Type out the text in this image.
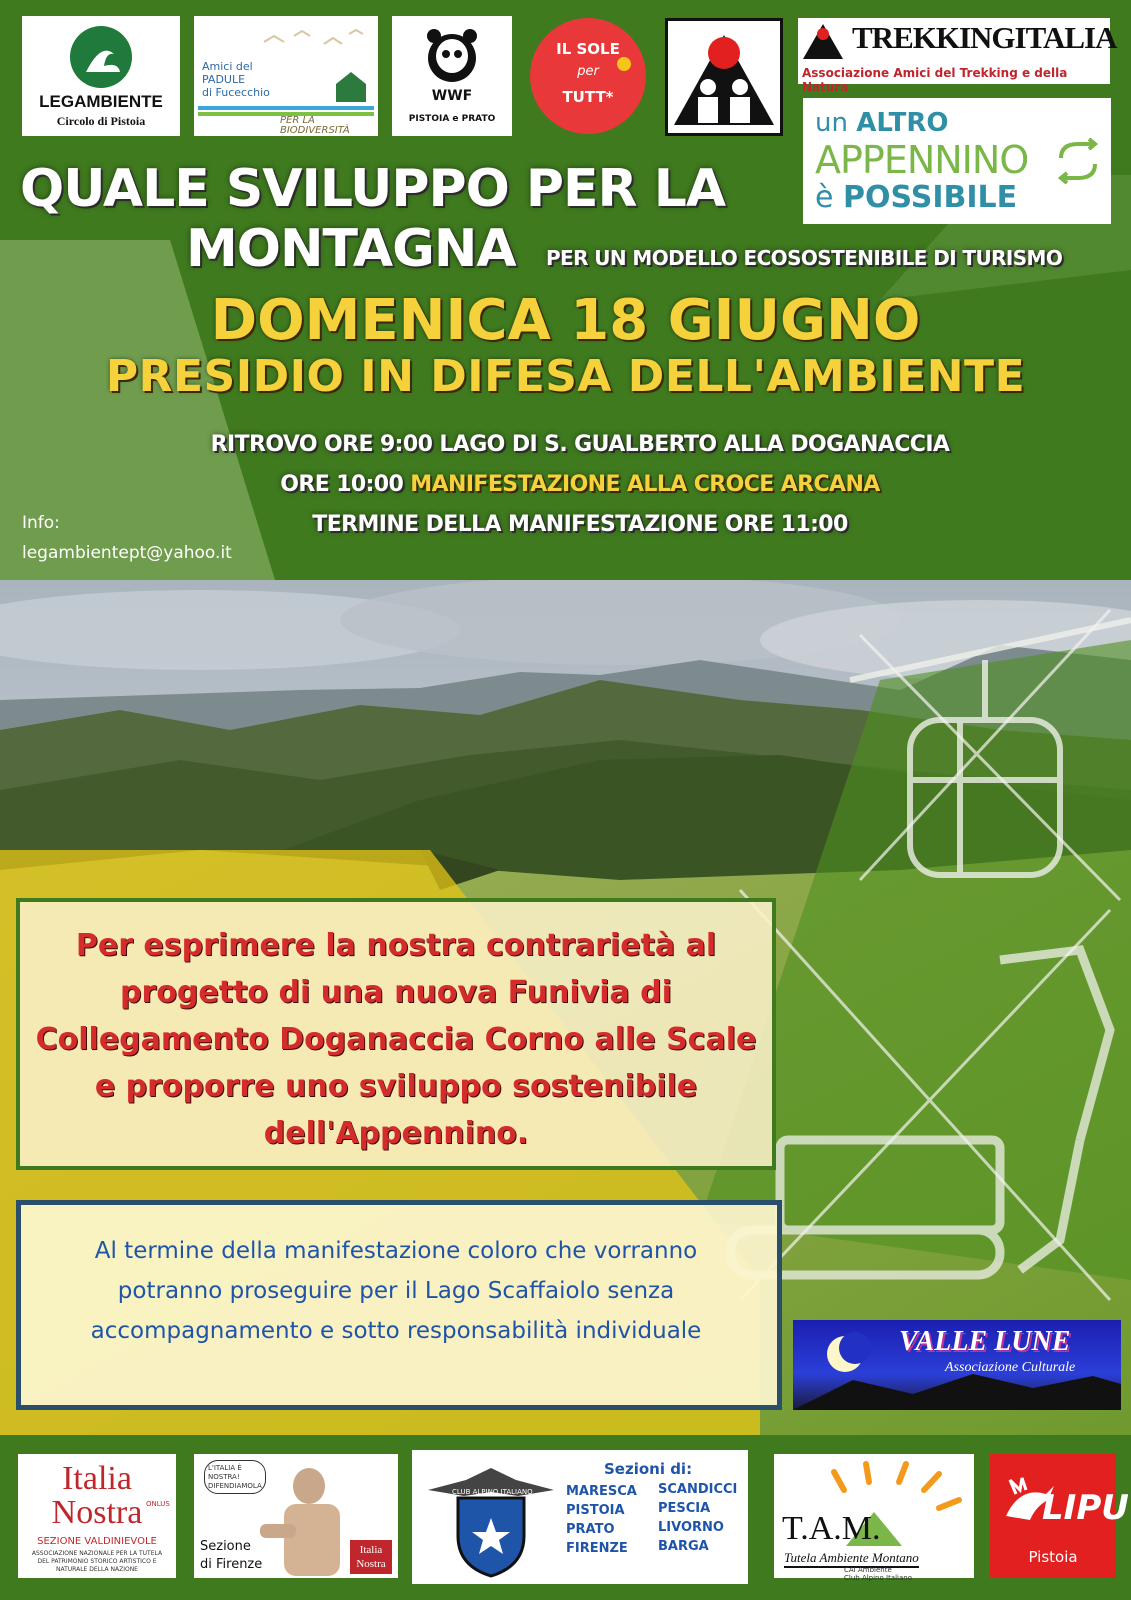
LEGAMBIENTE
Circolo di Pistoia
Amici del
PADULE
di Fucecchio
PER LA
BIODIVERSITÀ
WWF
PISTOIA e PRATO
IL SOLE
per
TUTT*
TREKKINGITALIA
Associazione Amici del Trekking e della Natura
un ALTRO
APPENNINO
è POSSIBILE
QUALE SVILUPPO PER LA
MONTAGNA PER UN MODELLO ECOSOSTENIBILE DI TURISMO
DOMENICA 18 GIUGNO
PRESIDIO IN DIFESA DELL'AMBIENTE
RITROVO ORE 9:00 LAGO DI S. GUALBERTO ALLA DOGANACCIA
ORE 10:00 MANIFESTAZIONE ALLA CROCE ARCANA
TERMINE DELLA MANIFESTAZIONE ORE 11:00
Info:
legambientept@yahoo.it
Per esprimere la nostra contrarietà al progetto di una nuova Funivia di Collegamento Doganaccia Corno alle Scale e proporre uno sviluppo sostenibile dell'Appennino.
Al termine della manifestazione coloro che vorranno potranno proseguire per il Lago Scaffaiolo senza accompagnamento e sotto responsabilità individuale	VALLE LUNE
Associazione Culturale
Italia
Nostra ONLUS
SEZIONE VALDINIEVOLE
ASSOCIAZIONE NAZIONALE PER LA TUTELA DEL PATRIMONIO STORICO ARTISTICO E NATURALE DELLA NAZIONE
L'ITALIA È NOSTRA! DIFENDIAMOLA
Sezione
di Firenze
Italia
Nostra
CLUB ALPINO ITALIANO
Sezioni di:
MARESCA
PISTOIA
PRATO
FIRENZE
SCANDICCI
PESCIA
LIVORNO
BARGA	T.A.M.
Tutela Ambiente Montano
CAI Ambiente
Club Alpino Italiano
LIPU
Pistoia
